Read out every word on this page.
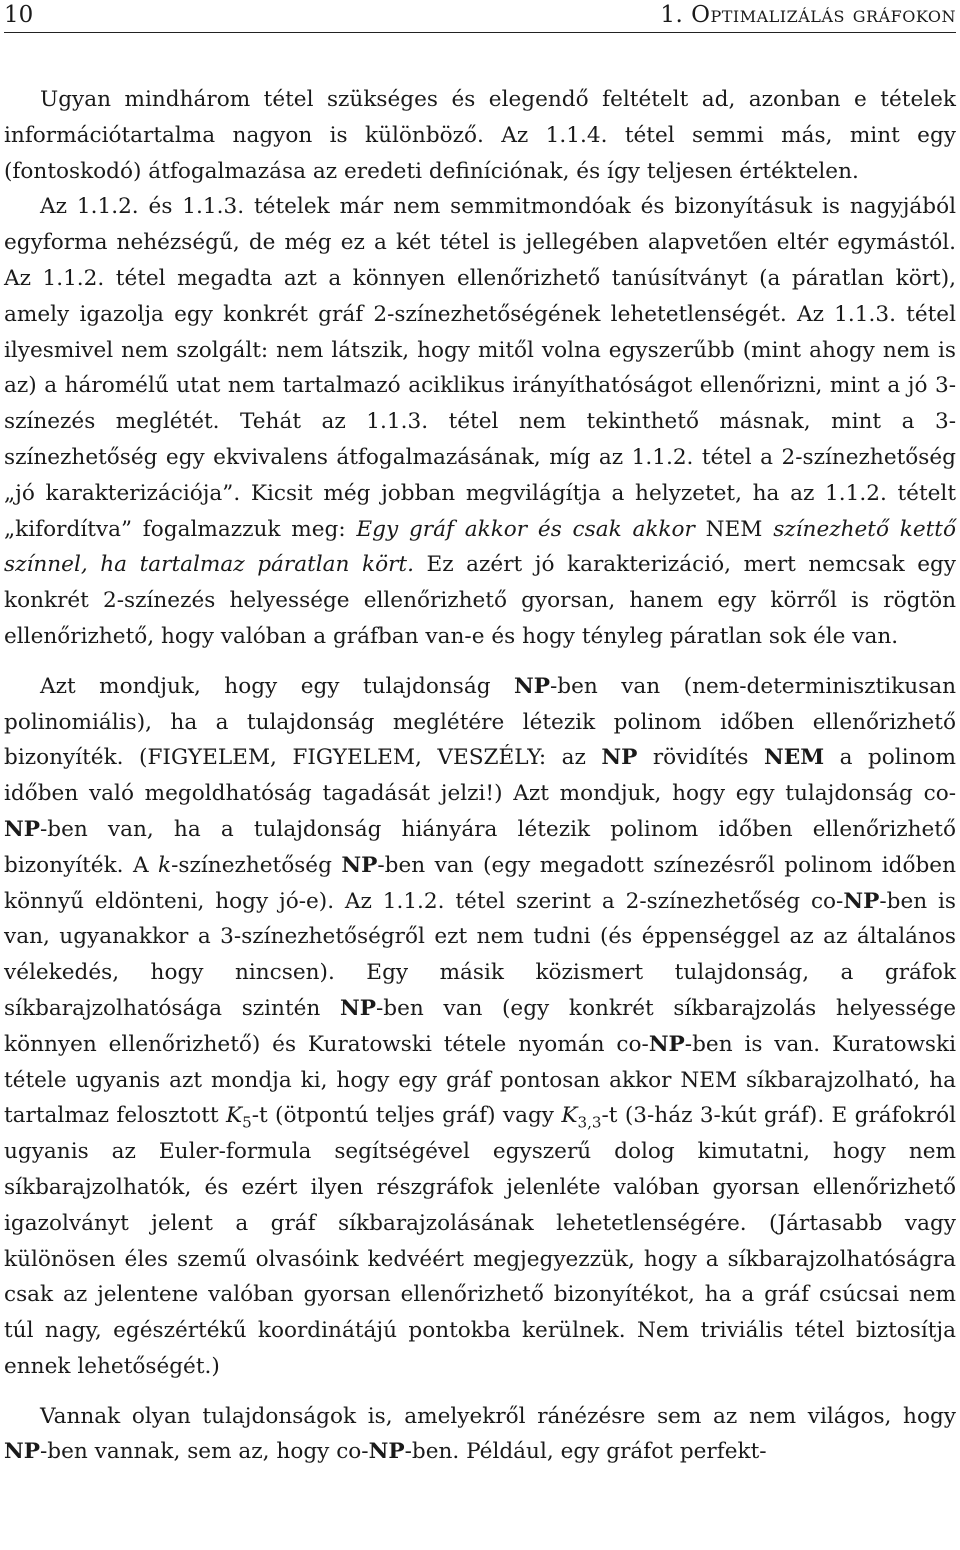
10	1. Optimalizálás gráfokon

Ugyan mindhárom tétel szükséges és elegendő feltételt ad, azonban e tételek információtartalma nagyon is különböző. Az 1.1.4. tétel semmi más, mint egy (fontoskodó) átfogalmazása az eredeti definíciónak, és így teljesen értéktelen.

Az 1.1.2. és 1.1.3. tételek már nem semmitmondóak és bizonyításuk is nagyjából egyforma nehézségű, de még ez a két tétel is jellegében alapvetően eltér egymástól. Az 1.1.2. tétel megadta azt a könnyen ellenőrizhető tanúsítványt (a páratlan kört), amely igazolja egy konkrét gráf 2-színezhetőségének lehetetlenségét. Az 1.1.3. tétel ilyesmivel nem szolgált: nem látszik, hogy mitől volna egyszerűbb (mint ahogy nem is az) a háromélű utat nem tartalmazó aciklikus irányíthatóságot ellenőrizni, mint a jó 3-színezés meglétét. Tehát az 1.1.3. tétel nem tekinthető másnak, mint a 3-színezhetőség egy ekvivalens átfogalmazásának, míg az 1.1.2. tétel a 2-színezhetőség „jó karakterizációja”. Kicsit még jobban megvilágítja a helyzetet, ha az 1.1.2. tételt „kifordítva” fogalmazzuk meg: Egy gráf akkor és csak akkor NEM színezhető kettő színnel, ha tartalmaz páratlan kört. Ez azért jó karakterizáció, mert nemcsak egy konkrét 2-színezés helyessége ellenőrizhető gyorsan, hanem egy körről is rögtön ellenőrizhető, hogy valóban a gráfban van-e és hogy tényleg páratlan sok éle van.

Azt mondjuk, hogy egy tulajdonság NP-ben van (nem-determinisztikusan polinomiális), ha a tulajdonság meglétére létezik polinom időben ellenőrizhető bizonyíték. (FIGYELEM, FIGYELEM, VESZÉLY: az NP rövidítés NEM a polinom időben való megoldhatóság tagadását jelzi!) Azt mondjuk, hogy egy tulajdonság co-NP-ben van, ha a tulajdonság hiányára létezik polinom időben ellenőrizhető bizonyíték. A k-színezhetőség NP-ben van (egy megadott színezésről polinom időben könnyű eldönteni, hogy jó-e). Az 1.1.2. tétel szerint a 2-színezhetőség co-NP-ben is van, ugyanakkor a 3-színezhetőségről ezt nem tudni (és éppenséggel az az általános vélekedés, hogy nincsen). Egy másik közismert tulajdonság, a gráfok síkbarajzolhatósága szintén NP-ben van (egy konkrét síkbarajzolás helyessége könnyen ellenőrizhető) és Kuratowski tétele nyomán co-NP-ben is van. Kuratowski tétele ugyanis azt mondja ki, hogy egy gráf pontosan akkor NEM síkbarajzolható, ha tartalmaz felosztott $K_5-t$ (ötpontú teljes gráf) vagy $K_{3,3}-t$ (3-ház 3-kút gráf). E gráfokról ugyanis az Euler-formula segítségével egyszerű dolog kimutatni, hogy nem síkbarajzolhatók, és ezért ilyen részgráfok jelenléte valóban gyorsan ellenőrizhető igazolványt jelent a gráf síkbarajzolásának lehetetlenségére. (Jártasabb vagy különösen éles szemű olvasóink kedvéért megjegyezzük, hogy a síkbarajzolhatóságra csak az jelentene valóban gyorsan ellenőrizhető bizonyítékot, ha a gráf csúcsai nem túl nagy, egészértékű koordinátájú pontokba kerülnek. Nem triviális tétel biztosítja ennek lehetőségét.)

Vannak olyan tulajdonságok is, amelyekről ránézésre sem az nem világos, hogy NP-ben vannak, sem az, hogy co-NP-ben. Például, egy gráfot perfekt-
